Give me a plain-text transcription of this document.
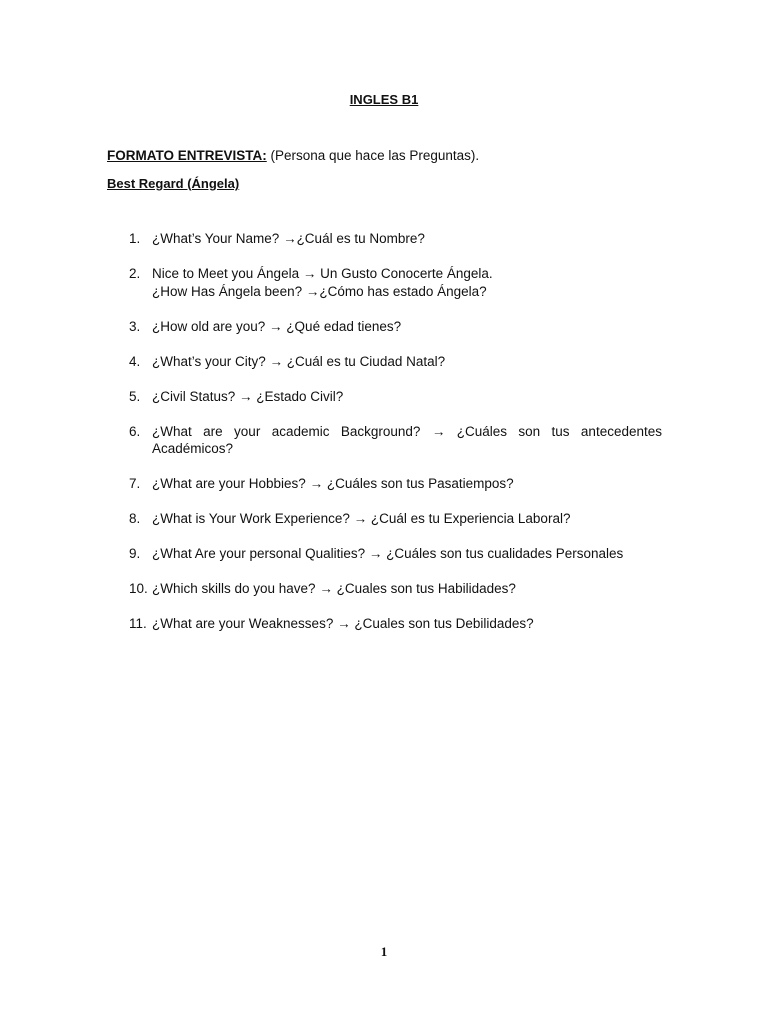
INGLES B1
FORMATO ENTREVISTA: (Persona que hace las Preguntas).
Best Regard (Ángela)
1. ¿What’s Your Name? →¿Cuál es tu Nombre?
2. Nice to Meet you Ángela → Un Gusto Conocerte Ángela.
¿How Has Ángela been? →¿Cómo has estado Ángela?
3. ¿How old are you? → ¿Qué edad tienes?
4. ¿What’s your City? → ¿Cuál es tu Ciudad Natal?
5. ¿Civil Status? → ¿Estado Civil?
6. ¿What are your academic Background? → ¿Cuáles son tus antecedentes
Académicos?
7. ¿What are your Hobbies? → ¿Cuáles son tus Pasatiempos?
8. ¿What is Your Work Experience? → ¿Cuál es tu Experiencia Laboral?
9. ¿What Are your personal Qualities? → ¿Cuáles son tus cualidades Personales
10. ¿Which skills do you have? → ¿Cuales son tus Habilidades?
11. ¿What are your Weaknesses? → ¿Cuales son tus Debilidades?
1
